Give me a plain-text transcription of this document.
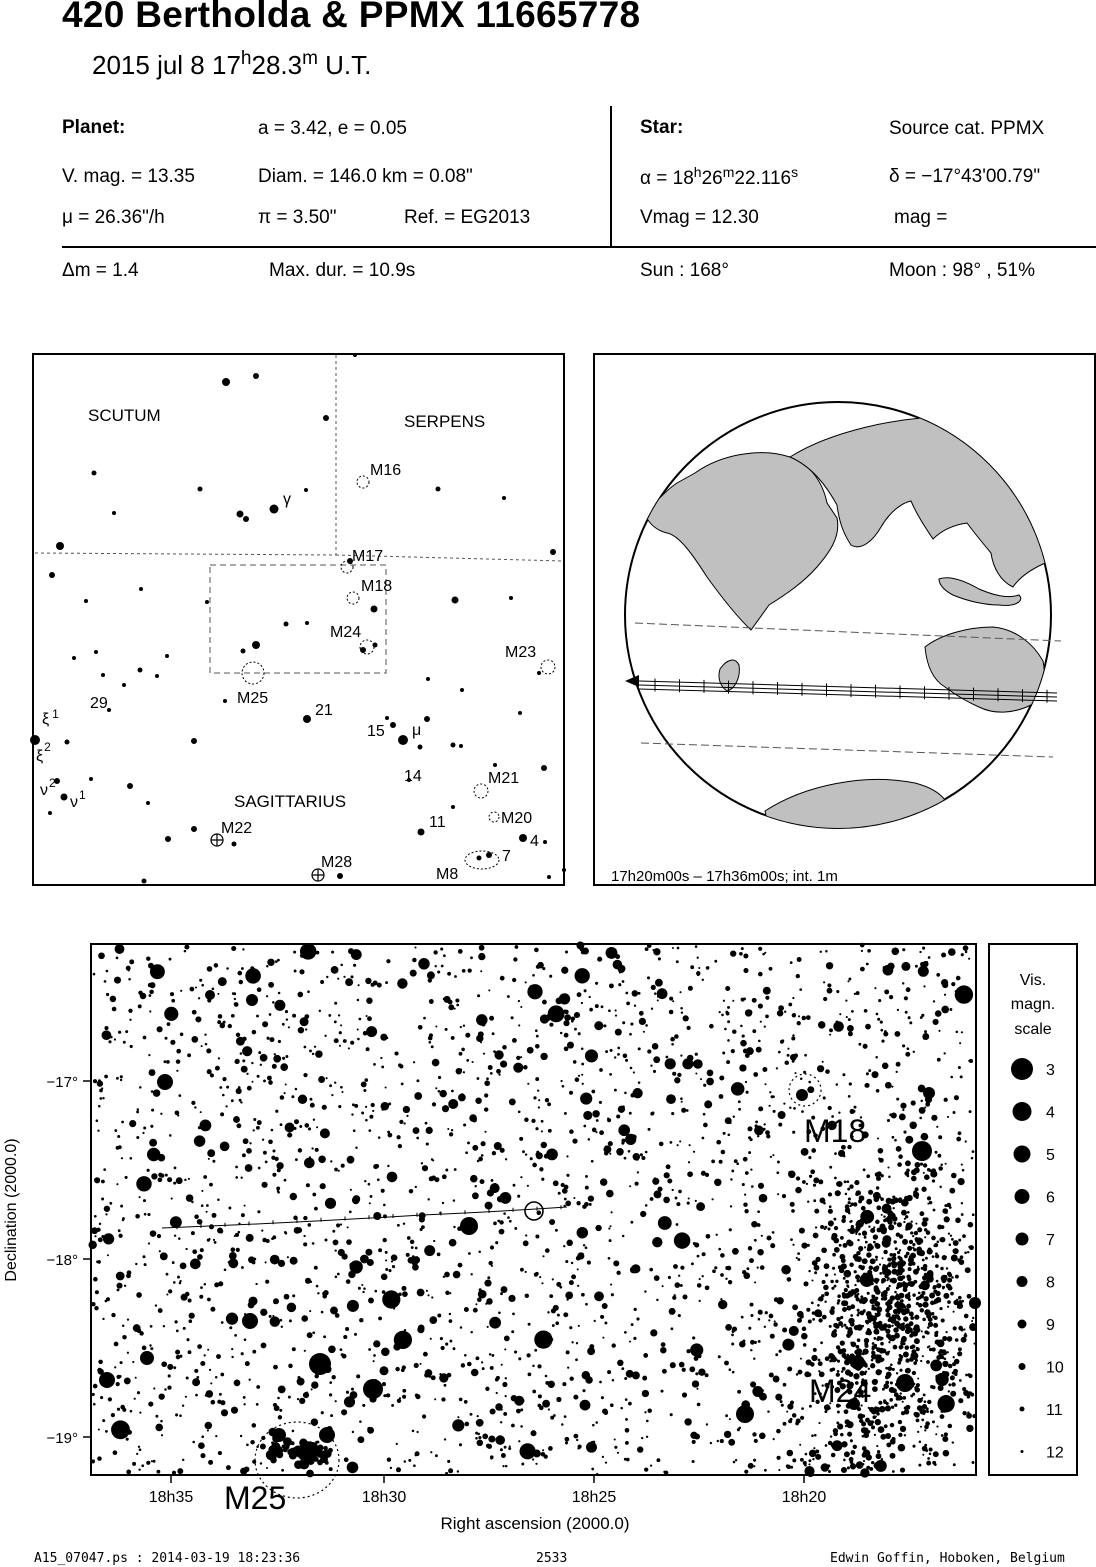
420 Bertholda & PPMX 11665778
2015 jul 8 17$^h$28.3$^m$ U.T.
Planet:	a = 3.42, e = 0.05
V. mag. = 13.35	Diam. = 146.0 km = 0.08"
μ = 26.36"/h	π = 3.50"	Ref. = EG2013
Star:	Source cat. PPMX
$\alpha = 18^h26^m22.116^s$	δ = −17°43'00.79"
Vmag = 12.30	mag =
Δm = 1.4	Max. dur. = 10.9s	Sun : 168°	Moon : 98° , 51%
SCUTUM	SERPENS
SAGITTARIUS
M16
M17
M18
M24
M23
M25
M21
M20
M22
M28
M8
γ
29	21
15 μ
14
11
7
4
ξ $^1$
$\xi^2$
$\nu^2$
$\nu^1$
17h20m00s – 17h36m00s; int. 1m
M18
M24
M25
18h35	18h30	18h25	18h20
−17°
−18°
−19°
Right ascension (2000.0)
Declination (2000.0)
Vis.
magn.
scale
3
4
5
6
7
8
9
10
11
12
A15_07047.ps : 2014-03-19 18:23:36	2533	Edwin Goffin, Hoboken, Belgium
